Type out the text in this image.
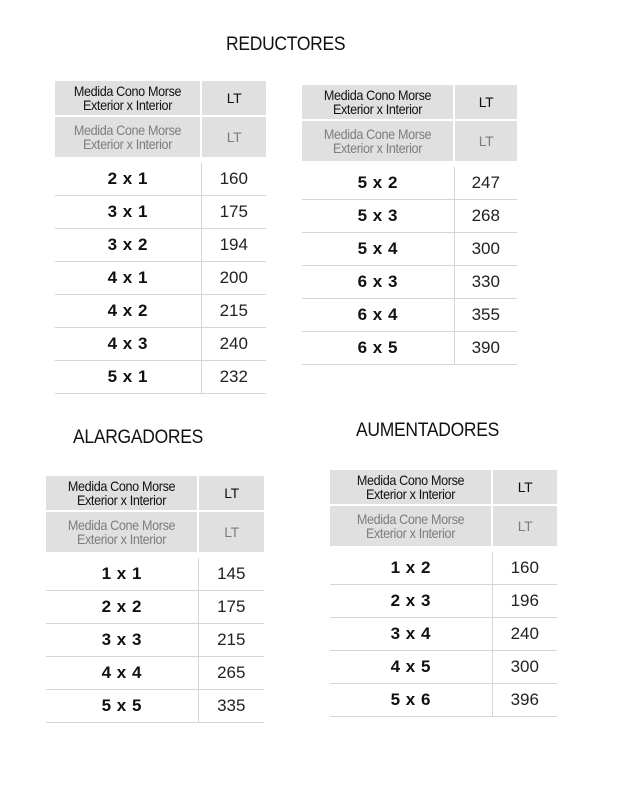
REDUCTORES
ALARGADORES	AUMENTADORES
Medida Cono Morse Exterior x Interior	LT
Medida Cone Morse Exterior x Interior	LT
2 x 1	160
3 x 1	175
3 x 2	194
4 x 1	200
4 x 2	215
4 x 3	240
5 x 1	232
Medida Cono Morse Exterior x Interior	LT
Medida Cone Morse Exterior x Interior	LT
5 x 2	247
5 x 3	268
5 x 4	300
6 x 3	330
6 x 4	355
6 x 5	390
Medida Cono Morse Exterior x Interior	LT
Medida Cone Morse Exterior x Interior	LT
1 x 1	145
2 x 2	175
3 x 3	215
4 x 4	265
5 x 5	335
Medida Cono Morse Exterior x Interior	LT
Medida Cone Morse Exterior x Interior	LT
1 x 2	160
2 x 3	196
3 x 4	240
4 x 5	300
5 x 6	396
